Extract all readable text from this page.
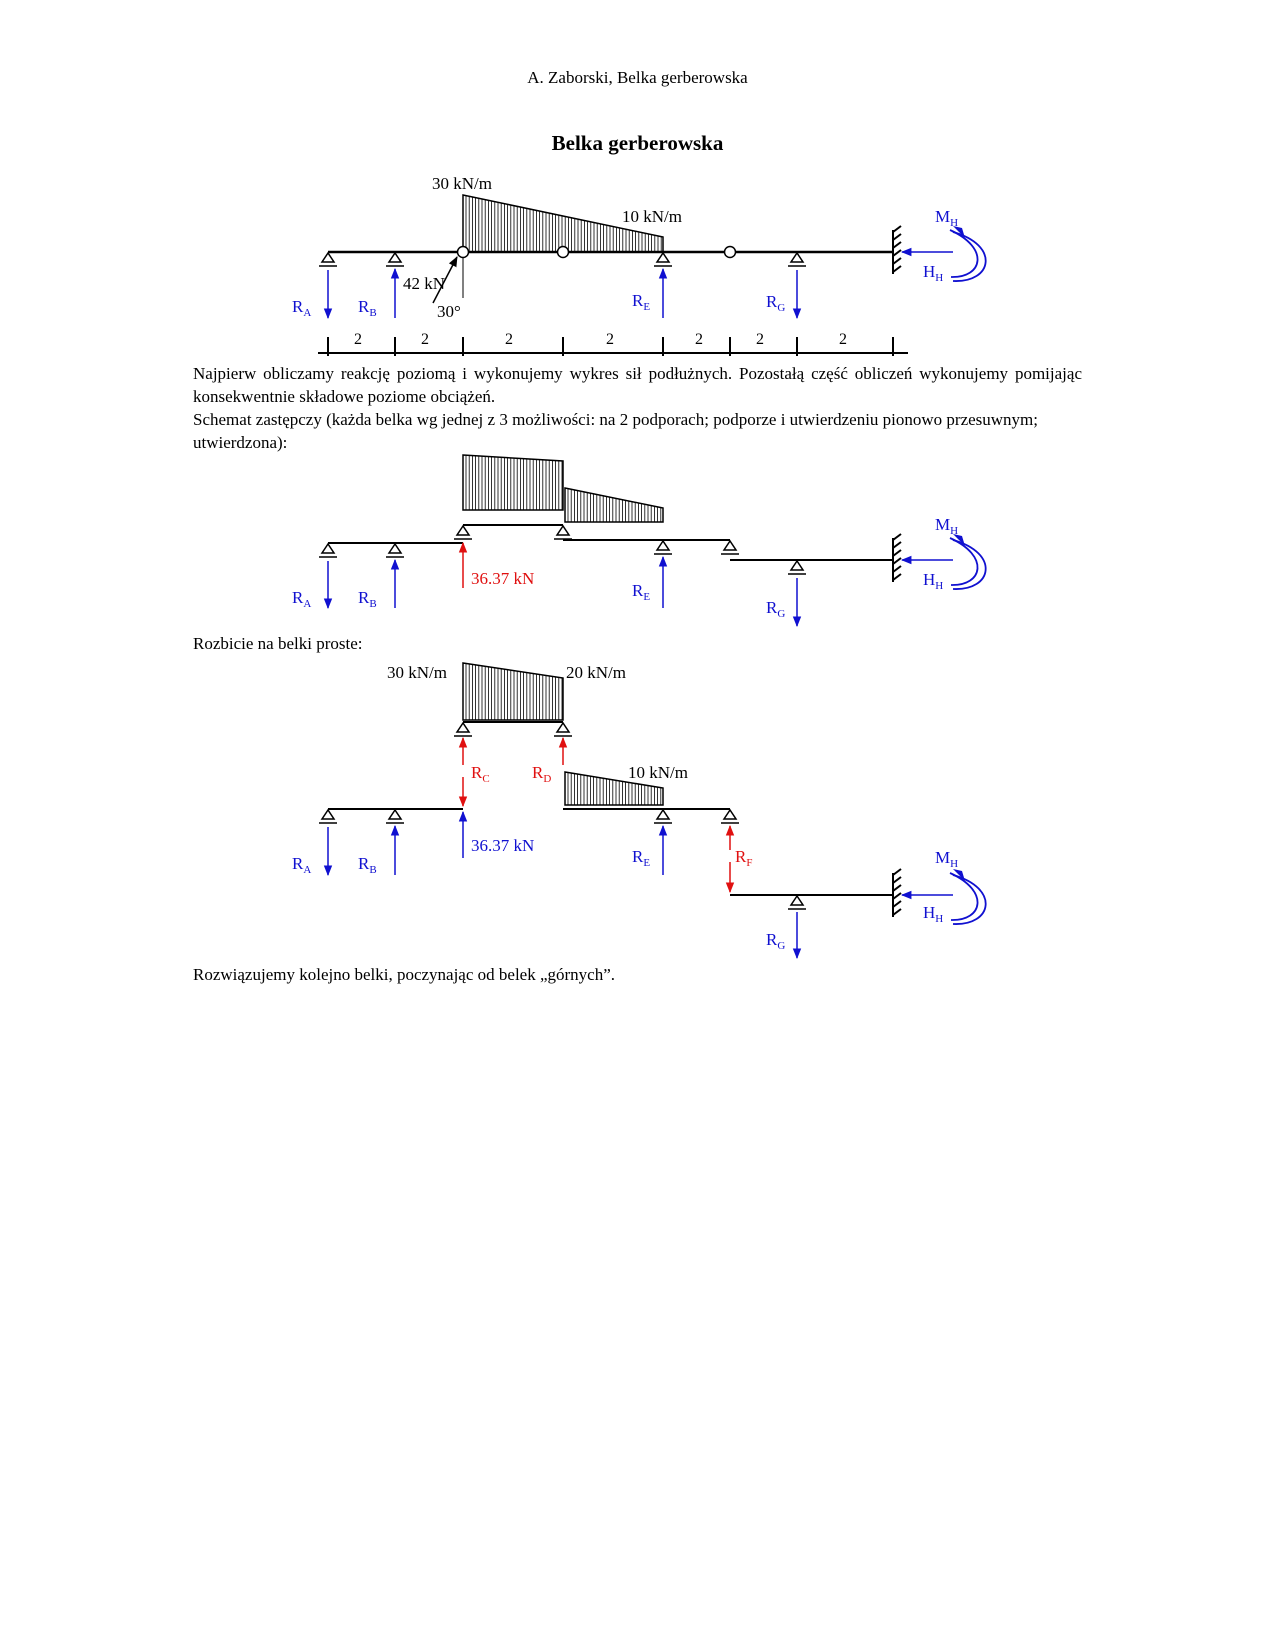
A. Zaborski, Belka gerberowska
Belka gerberowska
30 kN/m
10 kN/m
42 kN
30°
$R_A$	$R_B$
$R_E$	$R_G$
$M_H$
$H_H$
2	2	2	2	2	2	2
Najpierw obliczamy reakcję poziomą i wykonujemy wykres sił podłużnych. Pozostałą część obliczeń wykonujemy pomijając konsekwentnie składowe poziome obciążeń.
Schemat zastępczy (każda belka wg jednej z 3 możliwości: na 2 podporach; podporze i utwierdzeniu pionowo przesuwnym; utwierdzona):
36.37 kN
$R_A$	$R_B$
$R_E$
$R_G$
$M_H$
$H_H$
Rozbicie na belki proste:
30 kN/m	20 kN/m
$R_C$ $R_D$	10 kN/m
36.37 kN
$R_F$
$R_A$	$R_B$
$R_E$
$R_G$
$M_H$
$H_H$
Rozwiązujemy kolejno belki, poczynając od belek „górnych”.
